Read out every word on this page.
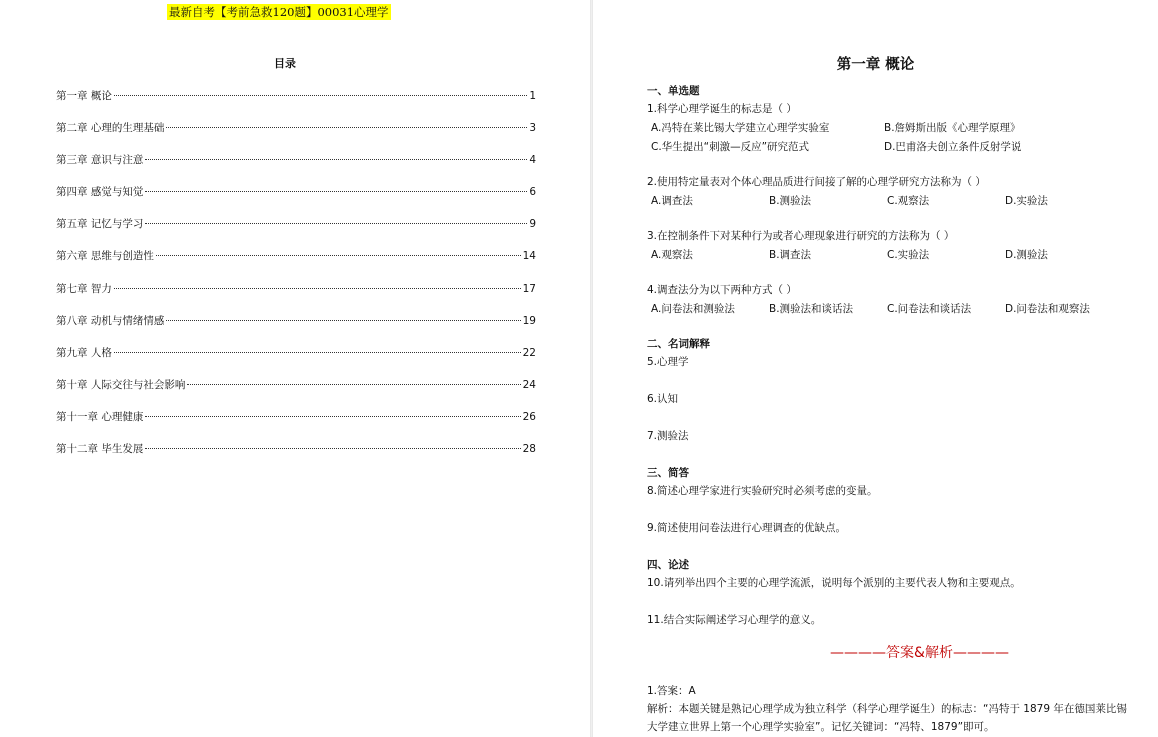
最新自考【考前急救120题】00031心理学
目录
第一章 概论	1
第二章 心理的生理基础	3
第三章 意识与注意	4
第四章 感觉与知觉	6
第五章 记忆与学习	9
第六章 思维与创造性	14
第七章 智力	17
第八章 动机与情绪情感	19
第九章 人格	22
第十章 人际交往与社会影响	24
第十一章 心理健康	26
第十二章 毕生发展	28
第一章 概论
一、单选题
1.科学心理学诞生的标志是（ ）
A.冯特在莱比锡大学建立心理学实验室	B.詹姆斯出版《心理学原理》
C.华生提出“刺激—反应”研究范式	D.巴甫洛夫创立条件反射学说
2.使用特定量表对个体心理品质进行间接了解的心理学研究方法称为（ ）
A.调查法	B.测验法	C.观察法	D.实验法
3.在控制条件下对某种行为或者心理现象进行研究的方法称为（ ）
A.观察法	B.调查法	C.实验法	D.测验法
4.调查法分为以下两种方式（ ）
A.问卷法和测验法	B.测验法和谈话法	C.问卷法和谈话法	D.问卷法和观察法
二、名词解释
5.心理学
6.认知
7.测验法
三、简答
8.简述心理学家进行实验研究时必须考虑的变量。
9.简述使用问卷法进行心理调查的优缺点。
四、论述
10.请列举出四个主要的心理学流派，说明每个派别的主要代表人物和主要观点。
11.结合实际阐述学习心理学的意义。
————答案&解析————
1.答案：A
解析：本题关键是熟记心理学成为独立科学（科学心理学诞生）的标志：“冯特于 1879 年在德国莱比锡
大学建立世界上第一个心理学实验室”。记忆关键词：“冯特、1879”即可。
